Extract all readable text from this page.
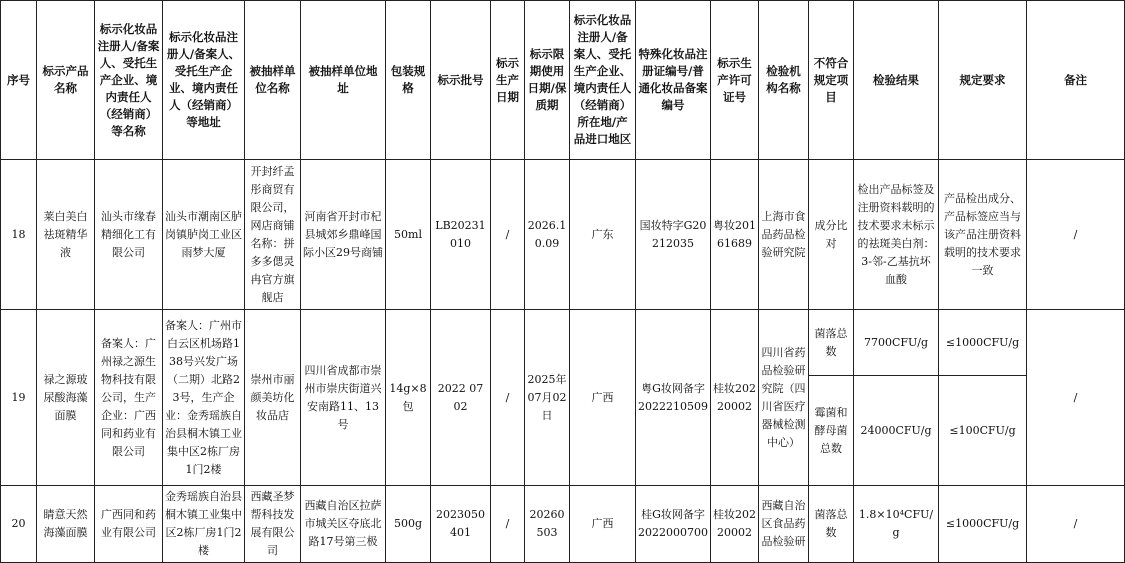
序号	标示产品名称	标示化妆品注册人/备案人、受托生产企业、境内责任人（经销商）等名称	标示化妆品注册人/备案人、受托生产企业、境内责任人（经销商）等地址	被抽样单位名称	被抽样单位地址	包装规格	标示批号	标示生产日期	标示限期使用日期/保质期	标示化妆品注册人/备案人、受托生产企业、境内责任人（经销商）所在地/产品进口地区	特殊化妆品注册证编号/普通化妆品备案编号	标示生产许可证号	检验机构名称	不符合规定项目	检验结果	规定要求	备注
18	莱白美白祛斑精华液	汕头市缘春精细化工有限公司	汕头市潮南区胪岗镇胪岗工业区雨梦大厦	开封纤孟彤商贸有限公司，网店商铺名称：拼多多偲灵冉官方旗舰店	河南省开封市杞县城郊乡鼎峰国际小区29号商铺	50ml	LB20231010	/	2026.10.09	广东	国妆特字G20212035	粤妆20161689	上海市食品药品检验研究院	成分比对	检出产品标签及注册资料载明的技术要求未标示的祛斑美白剂：3-邻-乙基抗坏血酸	产品检出成分、产品标签应当与该产品注册资料载明的技术要求一致	/
19	禄之源玻尿酸海藻面膜	备案人：广州禄之源生物科技有限公司，生产企业：广西同和药业有限公司	备案人：广州市白云区机场路138号兴发广场（二期）北路23号，生产企业：金秀瑶族自治县桐木镇工业集中区2栋厂房1门2楼	崇州市丽颜美坊化妆品店	四川省成都市崇州市崇庆街道兴安南路11、13号	14g×8包	2022 07 02	/	2025年07月02日	广西	粤G妆网备字2022210509	桂妆20220002	四川省药品检验研究院（四川省医疗器械检测中心）	菌落总数	7700CFU/g	≤1000CFU/g	/
														霉菌和酵母菌总数	24000CFU/g	≤100CFU/g	
20	睛意天然海藻面膜	广西同和药业有限公司	金秀瑶族自治县桐木镇工业集中区2栋厂房1门2楼	西藏圣梦帮科技发展有限公司	西藏自治区拉萨市城关区夺底北路17号第三极	500g	2023050401	/	20260503	广西	桂G妆网备字2022000700	桂妆20220002	西藏自治区食品药品检验研	菌落总数	1.8×10⁴CFU/g	≤1000CFU/g	/
